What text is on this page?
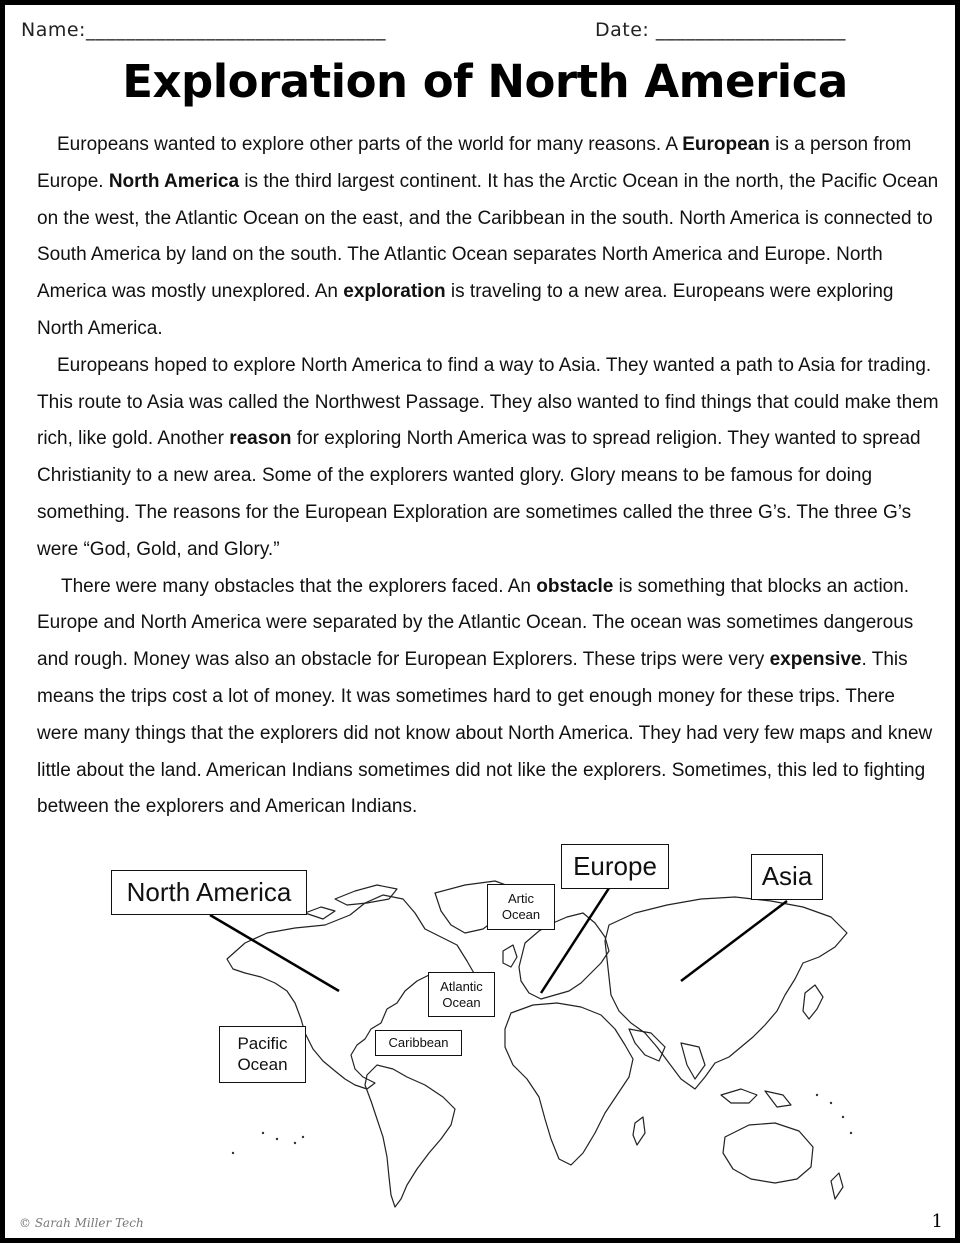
Name:______________________________	Date: ___________________
Exploration of North America

Europeans wanted to explore other parts of the world for many reasons. A European is a person from Europe. North America is the third largest continent. It has the Arctic Ocean in the north, the Pacific Ocean on the west, the Atlantic Ocean on the east, and the Caribbean in the south. North America is connected to South America by land on the south. The Atlantic Ocean separates North America and Europe. North America was mostly unexplored. An exploration is traveling to a new area. Europeans were exploring North America.

Europeans hoped to explore North America to find a way to Asia. They wanted a path to Asia for trading. This route to Asia was called the Northwest Passage. They also wanted to find things that could make them rich, like gold. Another reason for exploring North America was to spread religion. They wanted to spread Christianity to a new area. Some of the explorers wanted glory. Glory means to be famous for doing something. The reasons for the European Exploration are sometimes called the three G’s. The three G’s were “God, Gold, and Glory.”

There were many obstacles that the explorers faced. An obstacle is something that blocks an action. Europe and North America were separated by the Atlantic Ocean. The ocean was sometimes dangerous and rough. Money was also an obstacle for European Explorers. These trips were very expensive. This means the trips cost a lot of money. It was sometimes hard to get enough money for these trips. There were many things that the explorers did not know about North America. They had very few maps and knew little about the land. American Indians sometimes did not like the explorers. Sometimes, this led to fighting between the explorers and American Indians.

North America
Europe	Asia
Artic
Ocean
Atlantic
Ocean
Pacific
Ocean
Caribbean
© Sarah Miller Tech	1
